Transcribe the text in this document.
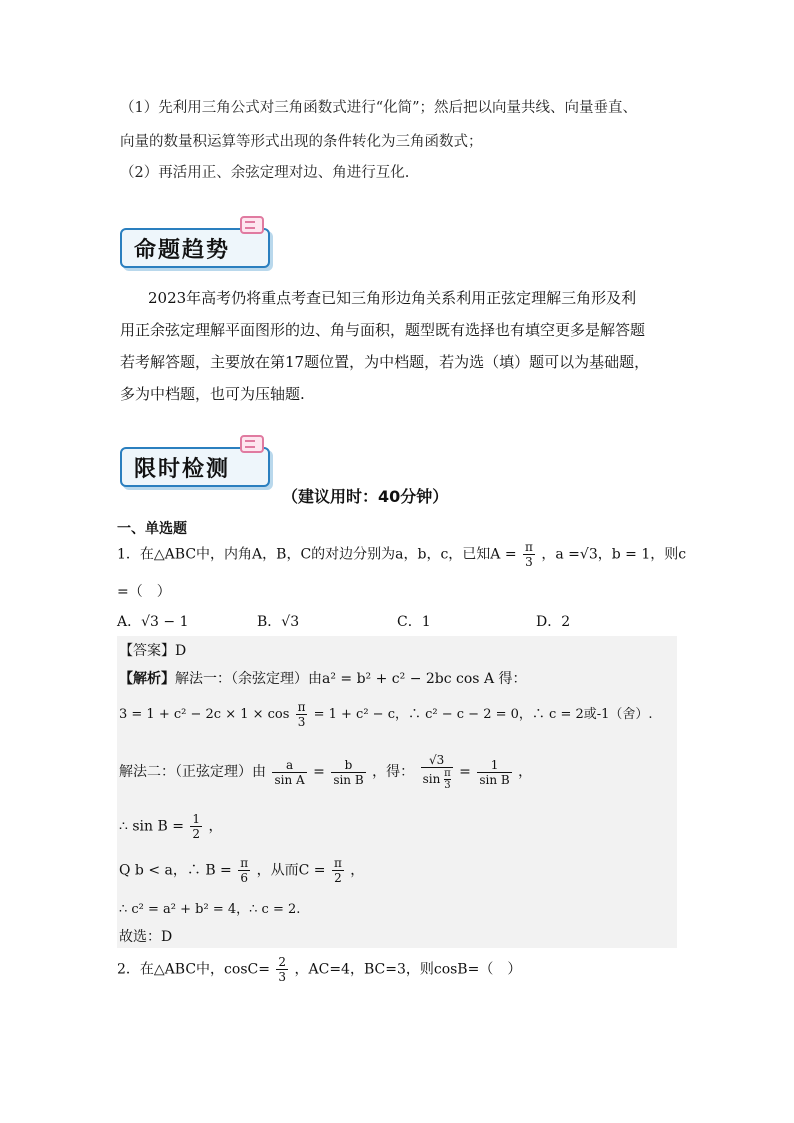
（1）先利用三角公式对三角函数式进行“化简”；然后把以向量共线、向量垂直、
向量的数量积运算等形式出现的条件转化为三角函数式；
（2）再活用正、余弦定理对边、角进行互化.
命题趋势
2023年高考仍将重点考查已知三角形边角关系利用正弦定理解三角形及利
用正余弦定理解平面图形的边、角与面积，题型既有选择也有填空更多是解答题
若考解答题，主要放在第17题位置，为中档题，若为选（填）题可以为基础题，
多为中档题，也可为压轴题.
限时检测
（建议用时：40分钟）
一、单选题
1．在△ABC中，内角A，B，C的对边分别为a，b，c，已知$A = \frac{\pi}{3}$ ，a =√3，b = 1，则c
=（　）
A．√3 − 1	B．√3	C．1	D．2
【答案】D
【解析】解法一：（余弦定理）由a² = b² + c² − 2bc cos A 得：
$3 = 1 + c^2 - 2c \times 1 \times \cos \frac{\pi}{3} = 1 + c^2 - c$，∴ c² − c − 2 = 0，∴ c = 2或-1（舍）.
解法二：（正弦定理）由 $\frac{a}{\text{sin A}} = \frac{b}{\text{sin B}}$ ，得： $\frac{√3}{\sin \frac{\pi}{3}} = \frac{1}{\text{sin B}}$ ，
∴ $\sin B = \frac{1}{2}$ ，
Q b < a，∴ $B = \frac{\pi}{6}$ ，从而$C = \frac{\pi}{2}$ ，
∴ c² = a² + b² = 4，∴ c = 2.
故选：D
2．在△ABC中，$\cos C= \frac{2}{3}$ ，AC=4，BC=3，则cosB=（　）
